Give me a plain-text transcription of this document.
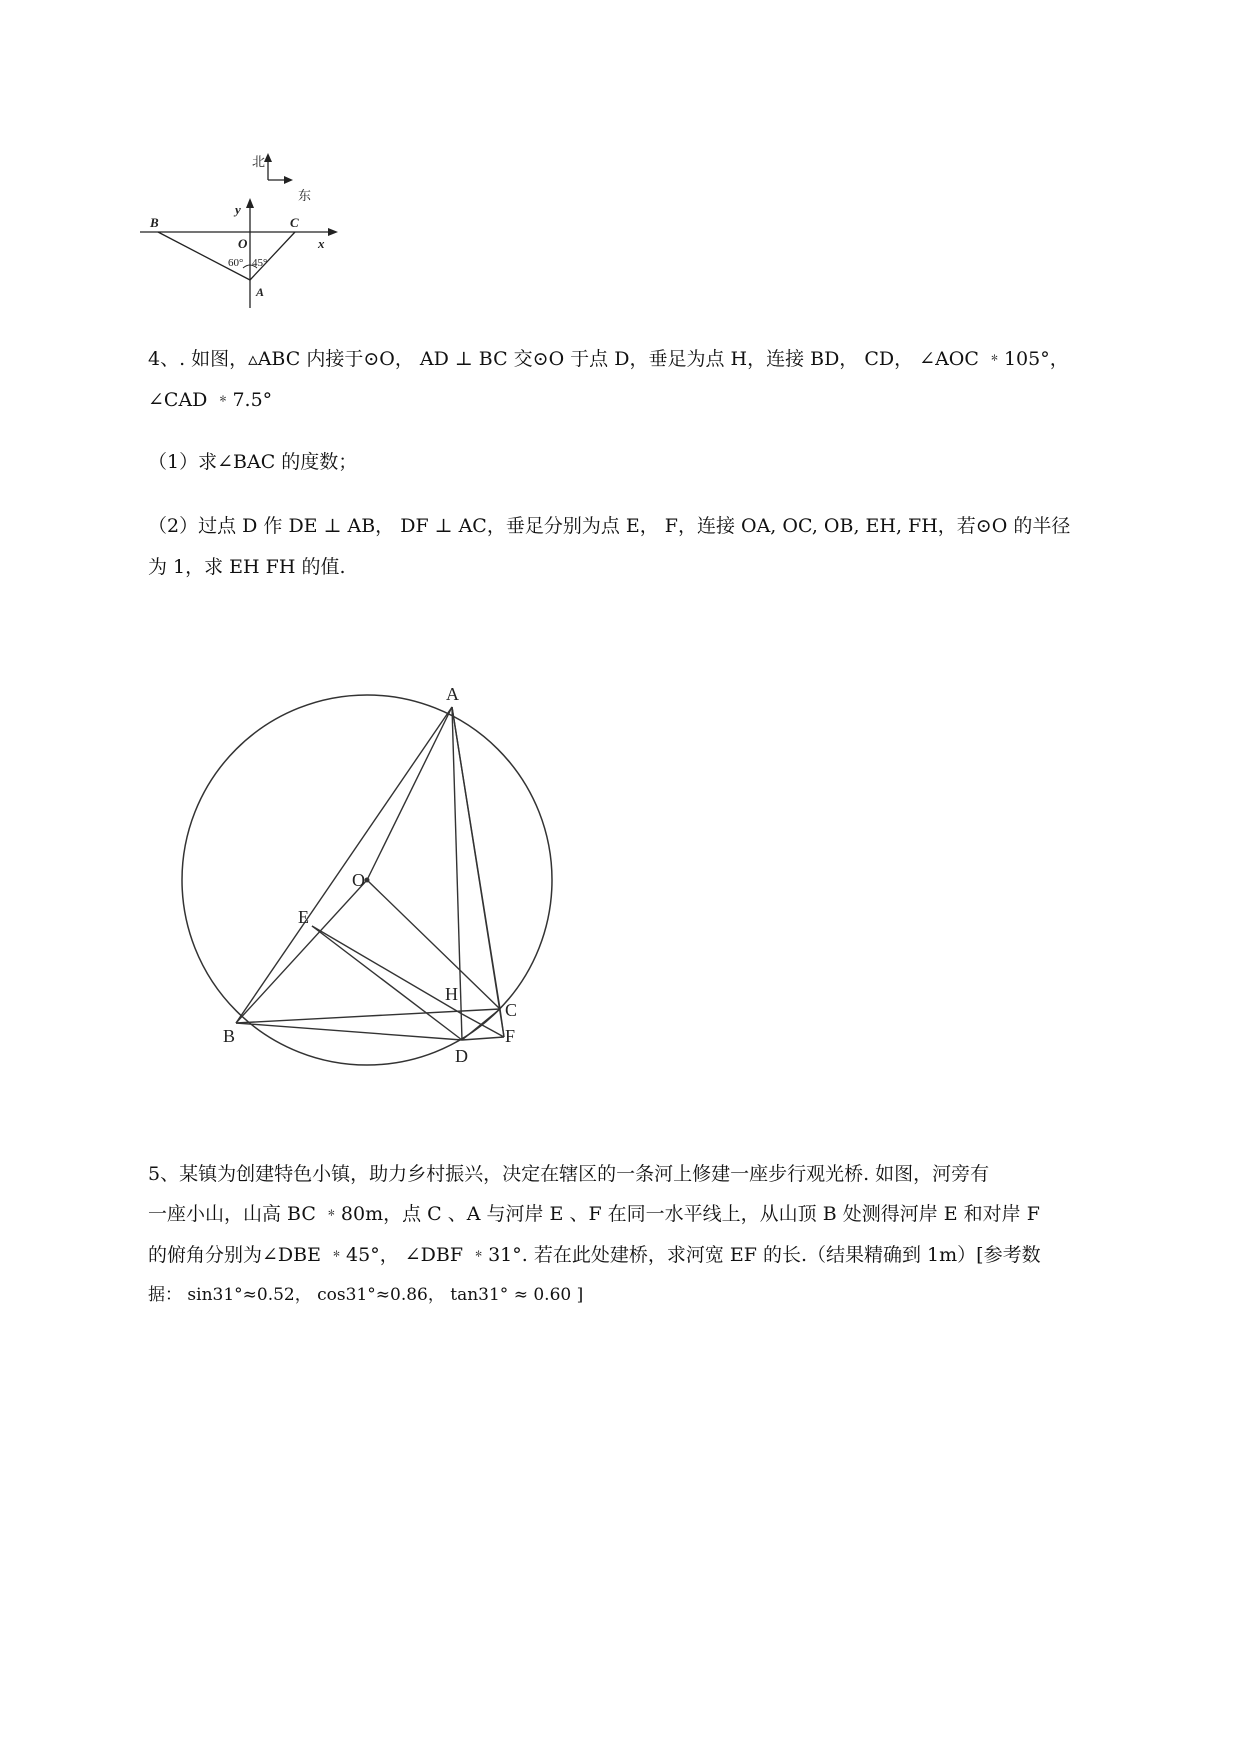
北
东
y
x
B
O
C
A
60° 45°
4、. 如图，▵ABC 内接于⊙O， AD ⊥ BC 交⊙O 于点 D，垂足为点 H，连接 BD， CD， ∠AOC ﹡105°，
∠CAD ﹡7.5°
（1）求∠BAC 的度数；
（2）过点 D 作 DE ⊥ AB， DF ⊥ AC，垂足分别为点 E， F，连接 OA, OC, OB, EH, FH，若⊙O 的半径
为 1，求 EH FH 的值.
A
O
E
H
B
C
D
F
5、某镇为创建特色小镇，助力乡村振兴，决定在辖区的一条河上修建一座步行观光桥. 如图，河旁有
一座小山，山高 BC ﹡80m，点 C 、A 与河岸 E 、F 在同一水平线上，从山顶 B 处测得河岸 E 和对岸 F
的俯角分别为∠DBE ﹡45°， ∠DBF ﹡31°. 若在此处建桥，求河宽 EF 的长.（结果精确到 1m）[参考数
据： sin31°≈0.52， cos31°≈0.86， tan31° ≈ 0.60 ]
